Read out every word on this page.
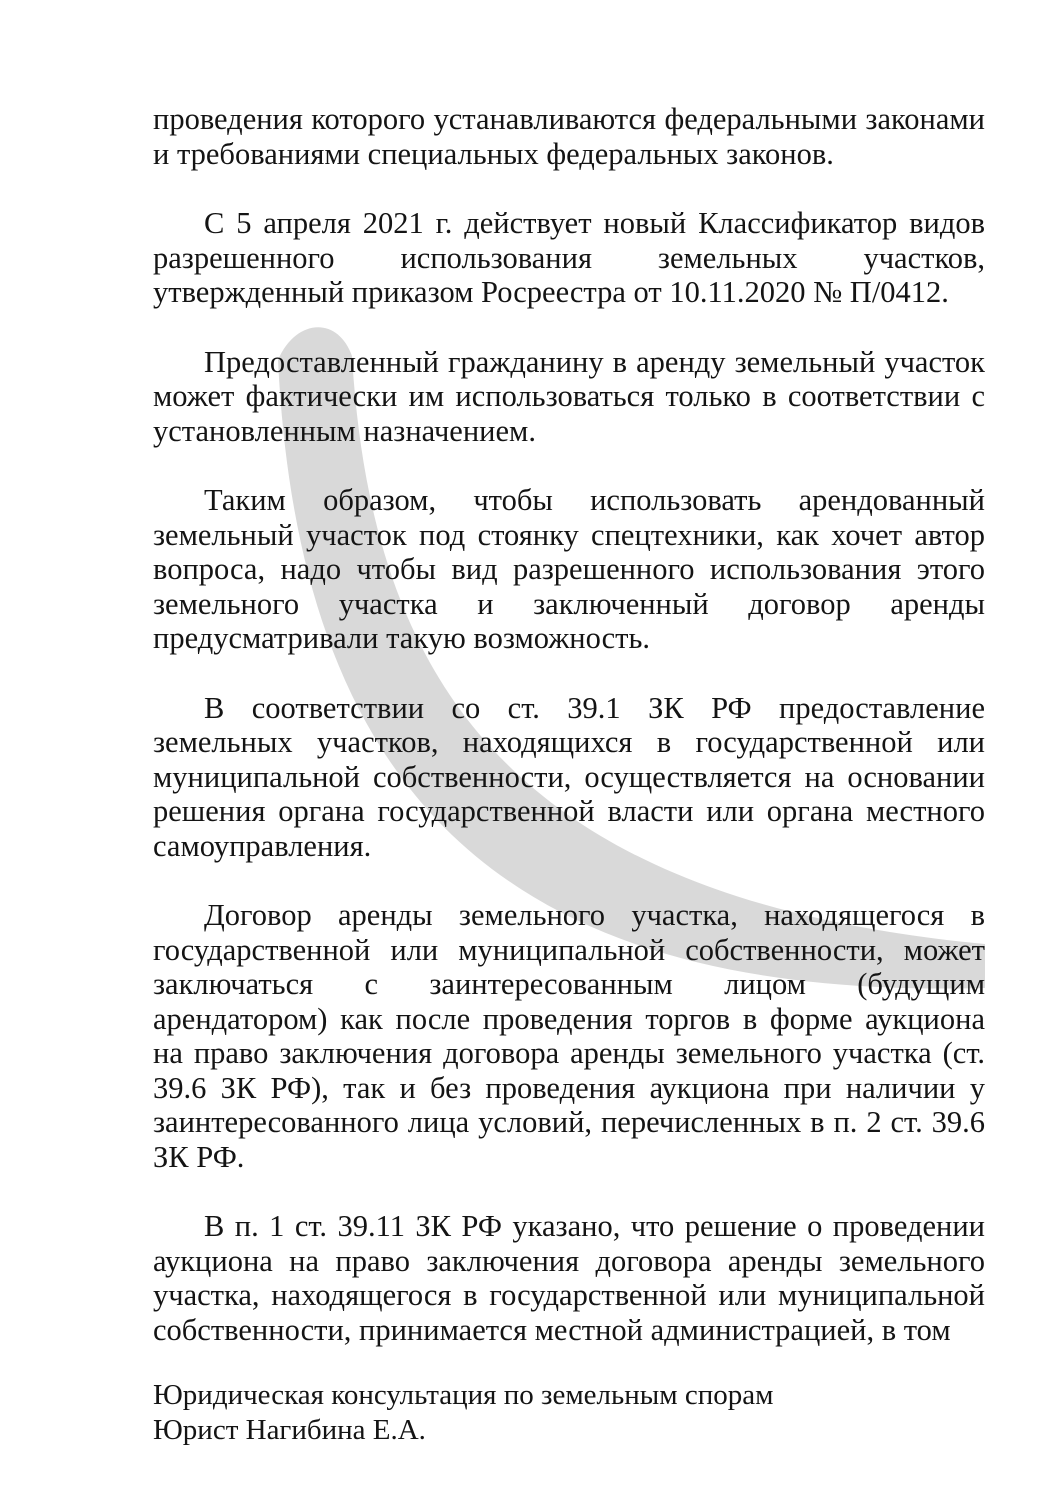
проведения которого устанавливаются федеральными законами и требованиями специальных федеральных законов.

С 5 апреля 2021 г. действует новый Классификатор видов разрешенного использования земельных участков, утвержденный приказом Росреестра от 10.11.2020 № П/0412.

Предоставленный гражданину в аренду земельный участок может фактически им использоваться только в соответствии с установленным назначением.

Таким образом, чтобы использовать арендованный земельный участок под стоянку спецтехники, как хочет автор вопроса, надо чтобы вид разрешенного использования этого земельного участка и заключенный договор аренды предусматривали такую возможность.

В соответствии со ст. 39.1 ЗК РФ предоставление земельных участков, находящихся в государственной или муниципальной собственности, осуществляется на основании решения органа государственной власти или органа местного самоуправления.

Договор аренды земельного участка, находящегося в государственной или муниципальной собственности, может заключаться с заинтересованным лицом (будущим арендатором) как после проведения торгов в форме аукциона на право заключения договора аренды земельного участка (ст. 39.6 ЗК РФ), так и без проведения аукциона при наличии у заинтересованного лица условий, перечисленных в п. 2 ст. 39.6 ЗК РФ.

В п. 1 ст. 39.11 ЗК РФ указано, что решение о проведении аукциона на право заключения договора аренды земельного участка, находящегося в государственной или муниципальной собственности, принимается местной администрацией, в том

Юридическая консультация по земельным спорам
Юрист Нагибина Е.А.
